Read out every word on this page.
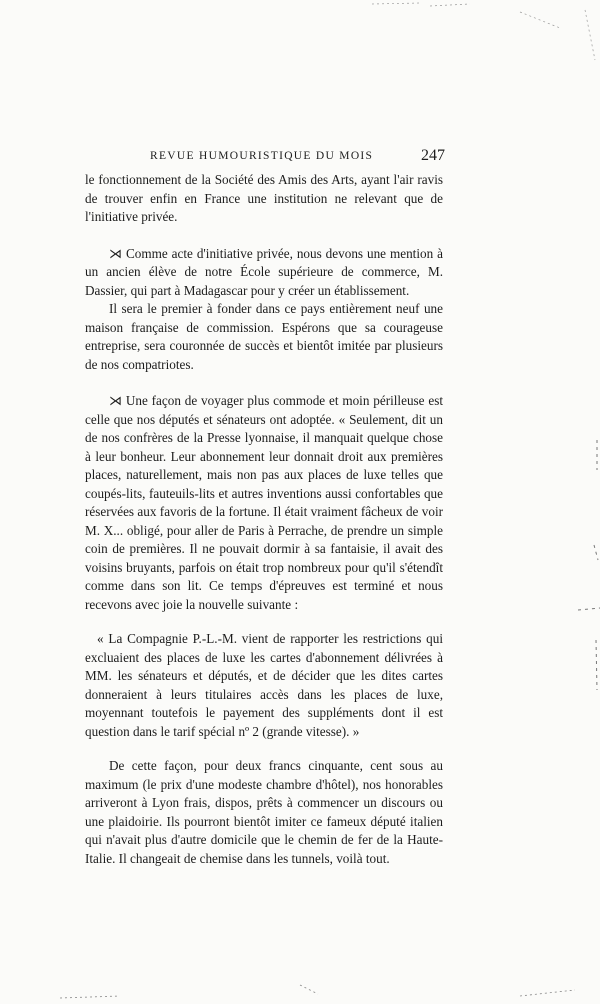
REVUE HUMOURISTIQUE DU MOIS	247

le fonctionnement de la Société des Amis des Arts, ayant l'air ravis de trouver enfin en France une institution ne relevant que de l'initiative privée.

⋊ Comme acte d'initiative privée, nous devons une mention à un ancien élève de notre École supérieure de commerce, M. Dassier, qui part à Madagascar pour y créer un établissement.

Il sera le premier à fonder dans ce pays entièrement neuf une maison française de commission. Espérons que sa courageuse entreprise, sera couronnée de succès et bientôt imitée par plusieurs de nos compatriotes.

⋊ Une façon de voyager plus commode et moin périlleuse est celle que nos députés et sénateurs ont adoptée. « Seulement, dit un de nos confrères de la Presse lyonnaise, il manquait quelque chose à leur bonheur. Leur abonnement leur donnait droit aux premières places, naturellement, mais non pas aux places de luxe telles que coupés-lits, fauteuils-lits et autres inventions aussi confortables que réservées aux favoris de la fortune. Il était vraiment fâcheux de voir M. X... obligé, pour aller de Paris à Perrache, de prendre un simple coin de premières. Il ne pouvait dormir à sa fantaisie, il avait des voisins bruyants, parfois on était trop nombreux pour qu'il s'étendît comme dans son lit. Ce temps d'épreuves est terminé et nous recevons avec joie la nouvelle suivante :

« La Compagnie P.-L.-M. vient de rapporter les restrictions qui excluaient des places de luxe les cartes d'abonnement délivrées à MM. les sénateurs et députés, et de décider que les dites cartes donneraient à leurs titulaires accès dans les places de luxe, moyennant toutefois le payement des suppléments dont il est question dans le tarif spécial nº 2 (grande vitesse). »

De cette façon, pour deux francs cinquante, cent sous au maximum (le prix d'une modeste chambre d'hôtel), nos honorables arriveront à Lyon frais, dispos, prêts à commencer un discours ou une plaidoirie. Ils pourront bientôt imiter ce fameux député italien qui n'avait plus d'autre domicile que le chemin de fer de la Haute-Italie. Il changeait de chemise dans les tunnels, voilà tout.
